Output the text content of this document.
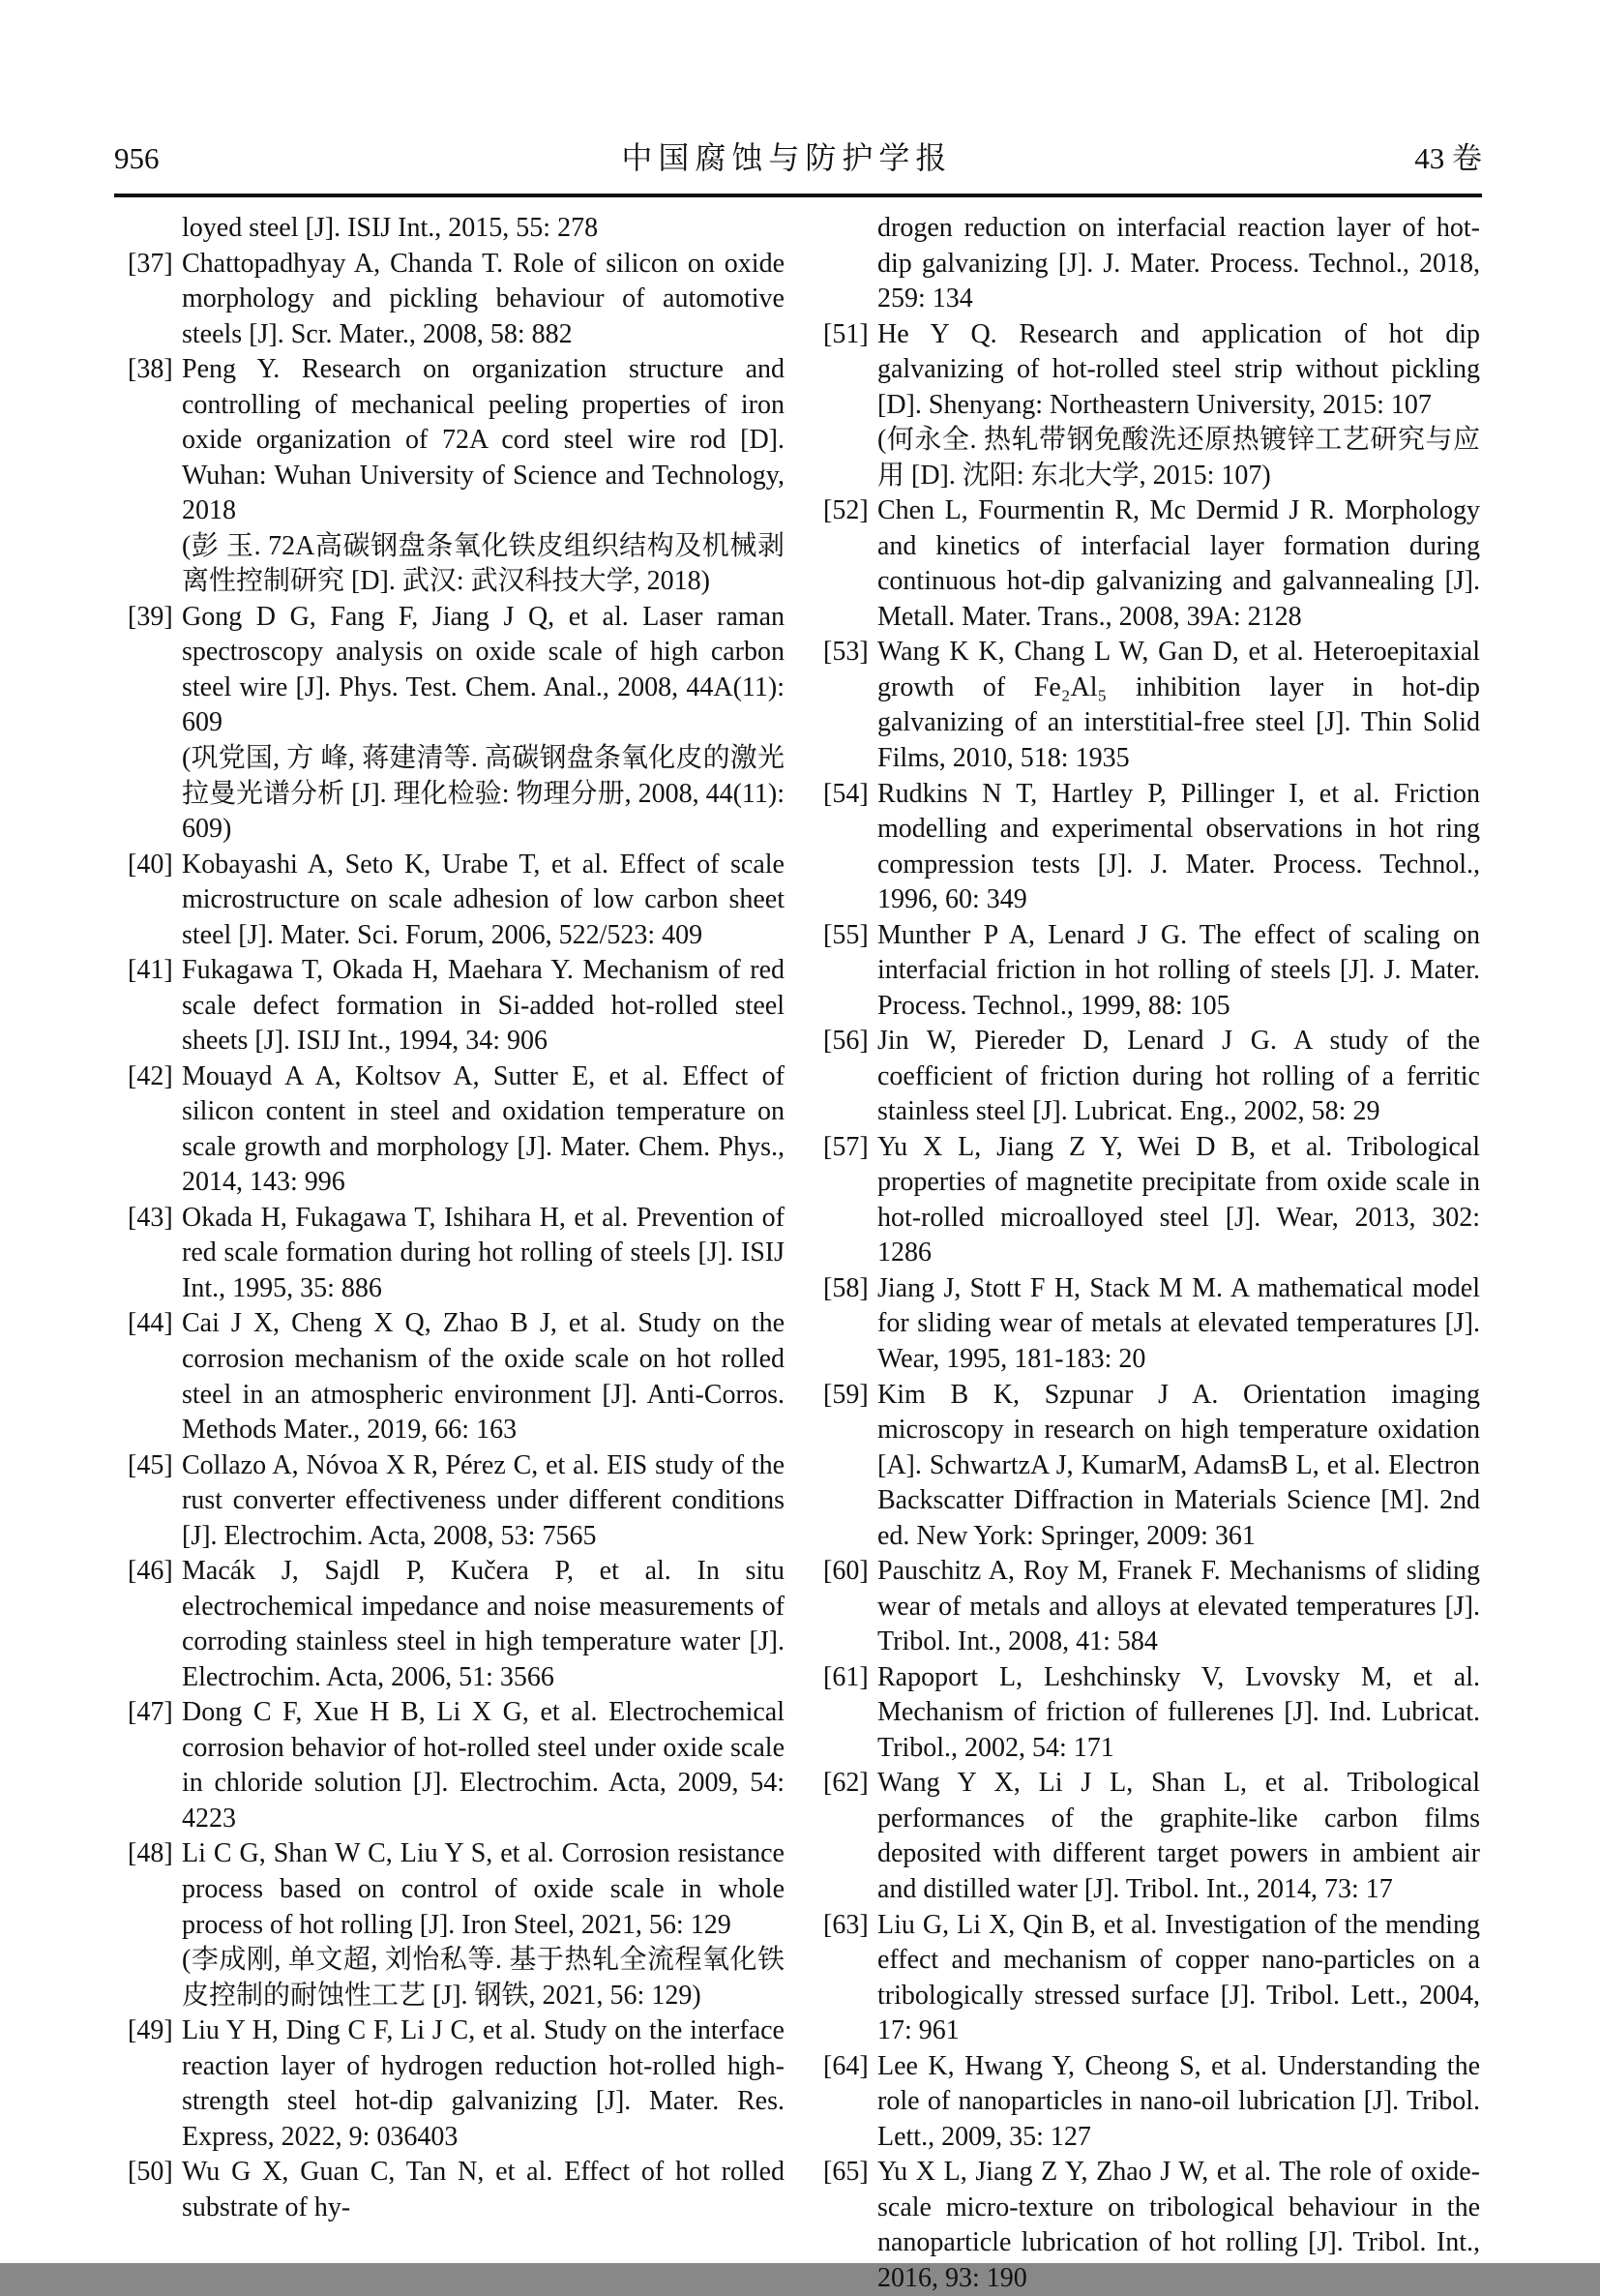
956	中国腐蚀与防护学报	43 卷
loyed steel [J]. ISIJ Int., 2015, 55: 278
[37] Chattopadhyay A, Chanda T. Role of silicon on oxide morphology and pickling behaviour of automotive steels [J]. Scr. Mater., 2008, 58: 882
[38] Peng Y. Research on organization structure and controlling of mechanical peeling properties of iron oxide organization of 72A cord steel wire rod [D]. Wuhan: Wuhan University of Science and Technology, 2018
(彭 玉. 72A高碳钢盘条氧化铁皮组织结构及机械剥离性控制研究 [D]. 武汉: 武汉科技大学, 2018)
[39] Gong D G, Fang F, Jiang J Q, et al. Laser raman spectroscopy analysis on oxide scale of high carbon steel wire [J]. Phys. Test. Chem. Anal., 2008, 44A(11): 609
(巩党国, 方 峰, 蒋建清等. 高碳钢盘条氧化皮的激光拉曼光谱分析 [J]. 理化检验: 物理分册, 2008, 44(11): 609)
[40] Kobayashi A, Seto K, Urabe T, et al. Effect of scale microstructure on scale adhesion of low carbon sheet steel [J]. Mater. Sci. Forum, 2006, 522/523: 409
[41] Fukagawa T, Okada H, Maehara Y. Mechanism of red scale defect formation in Si-added hot-rolled steel sheets [J]. ISIJ Int., 1994, 34: 906
[42] Mouayd A A, Koltsov A, Sutter E, et al. Effect of silicon content in steel and oxidation temperature on scale growth and morphology [J]. Mater. Chem. Phys., 2014, 143: 996
[43] Okada H, Fukagawa T, Ishihara H, et al. Prevention of red scale formation during hot rolling of steels [J]. ISIJ Int., 1995, 35: 886
[44] Cai J X, Cheng X Q, Zhao B J, et al. Study on the corrosion mechanism of the oxide scale on hot rolled steel in an atmospheric environment [J]. Anti-Corros. Methods Mater., 2019, 66: 163
[45] Collazo A, Nóvoa X R, Pérez C, et al. EIS study of the rust converter effectiveness under different conditions [J]. Electrochim. Acta, 2008, 53: 7565
[46] Macák J, Sajdl P, Kučera P, et al. In situ electrochemical impedance and noise measurements of corroding stainless steel in high temperature water [J]. Electrochim. Acta, 2006, 51: 3566
[47] Dong C F, Xue H B, Li X G, et al. Electrochemical corrosion behavior of hot-rolled steel under oxide scale in chloride solution [J]. Electrochim. Acta, 2009, 54: 4223
[48] Li C G, Shan W C, Liu Y S, et al. Corrosion resistance process based on control of oxide scale in whole process of hot rolling [J]. Iron Steel, 2021, 56: 129
(李成刚, 单文超, 刘怡私等. 基于热轧全流程氧化铁皮控制的耐蚀性工艺 [J]. 钢铁, 2021, 56: 129)
[49] Liu Y H, Ding C F, Li J C, et al. Study on the interface reaction layer of hydrogen reduction hot-rolled high-strength steel hot-dip galvanizing [J]. Mater. Res. Express, 2022, 9: 036403
[50] Wu G X, Guan C, Tan N, et al. Effect of hot rolled substrate of hy-
drogen reduction on interfacial reaction layer of hot-dip galvanizing [J]. J. Mater. Process. Technol., 2018, 259: 134
[51] He Y Q. Research and application of hot dip galvanizing of hot-rolled steel strip without pickling [D]. Shenyang: Northeastern University, 2015: 107
(何永全. 热轧带钢免酸洗还原热镀锌工艺研究与应用 [D]. 沈阳: 东北大学, 2015: 107)
[52] Chen L, Fourmentin R, Mc Dermid J R. Morphology and kinetics of interfacial layer formation during continuous hot-dip galvanizing and galvannealing [J]. Metall. Mater. Trans., 2008, 39A: 2128
[53] Wang K K, Chang L W, Gan D, et al. Heteroepitaxial growth of Fe₂Al₅ inhibition layer in hot-dip galvanizing of an interstitial-free steel [J]. Thin Solid Films, 2010, 518: 1935
[54] Rudkins N T, Hartley P, Pillinger I, et al. Friction modelling and experimental observations in hot ring compression tests [J]. J. Mater. Process. Technol., 1996, 60: 349
[55] Munther P A, Lenard J G. The effect of scaling on interfacial friction in hot rolling of steels [J]. J. Mater. Process. Technol., 1999, 88: 105
[56] Jin W, Piereder D, Lenard J G. A study of the coefficient of friction during hot rolling of a ferritic stainless steel [J]. Lubricat. Eng., 2002, 58: 29
[57] Yu X L, Jiang Z Y, Wei D B, et al. Tribological properties of magnetite precipitate from oxide scale in hot-rolled microalloyed steel [J]. Wear, 2013, 302: 1286
[58] Jiang J, Stott F H, Stack M M. A mathematical model for sliding wear of metals at elevated temperatures [J]. Wear, 1995, 181-183: 20
[59] Kim B K, Szpunar J A. Orientation imaging microscopy in research on high temperature oxidation [A]. SchwartzA J, KumarM, AdamsB L, et al. Electron Backscatter Diffraction in Materials Science [M]. 2nd ed. New York: Springer, 2009: 361
[60] Pauschitz A, Roy M, Franek F. Mechanisms of sliding wear of metals and alloys at elevated temperatures [J]. Tribol. Int., 2008, 41: 584
[61] Rapoport L, Leshchinsky V, Lvovsky M, et al. Mechanism of friction of fullerenes [J]. Ind. Lubricat. Tribol., 2002, 54: 171
[62] Wang Y X, Li J L, Shan L, et al. Tribological performances of the graphite-like carbon films deposited with different target powers in ambient air and distilled water [J]. Tribol. Int., 2014, 73: 17
[63] Liu G, Li X, Qin B, et al. Investigation of the mending effect and mechanism of copper nano-particles on a tribologically stressed surface [J]. Tribol. Lett., 2004, 17: 961
[64] Lee K, Hwang Y, Cheong S, et al. Understanding the role of nanoparticles in nano-oil lubrication [J]. Tribol. Lett., 2009, 35: 127
[65] Yu X L, Jiang Z Y, Zhao J W, et al. The role of oxide-scale micro-texture on tribological behaviour in the nanoparticle lubrication of hot rolling [J]. Tribol. Int., 2016, 93: 190
